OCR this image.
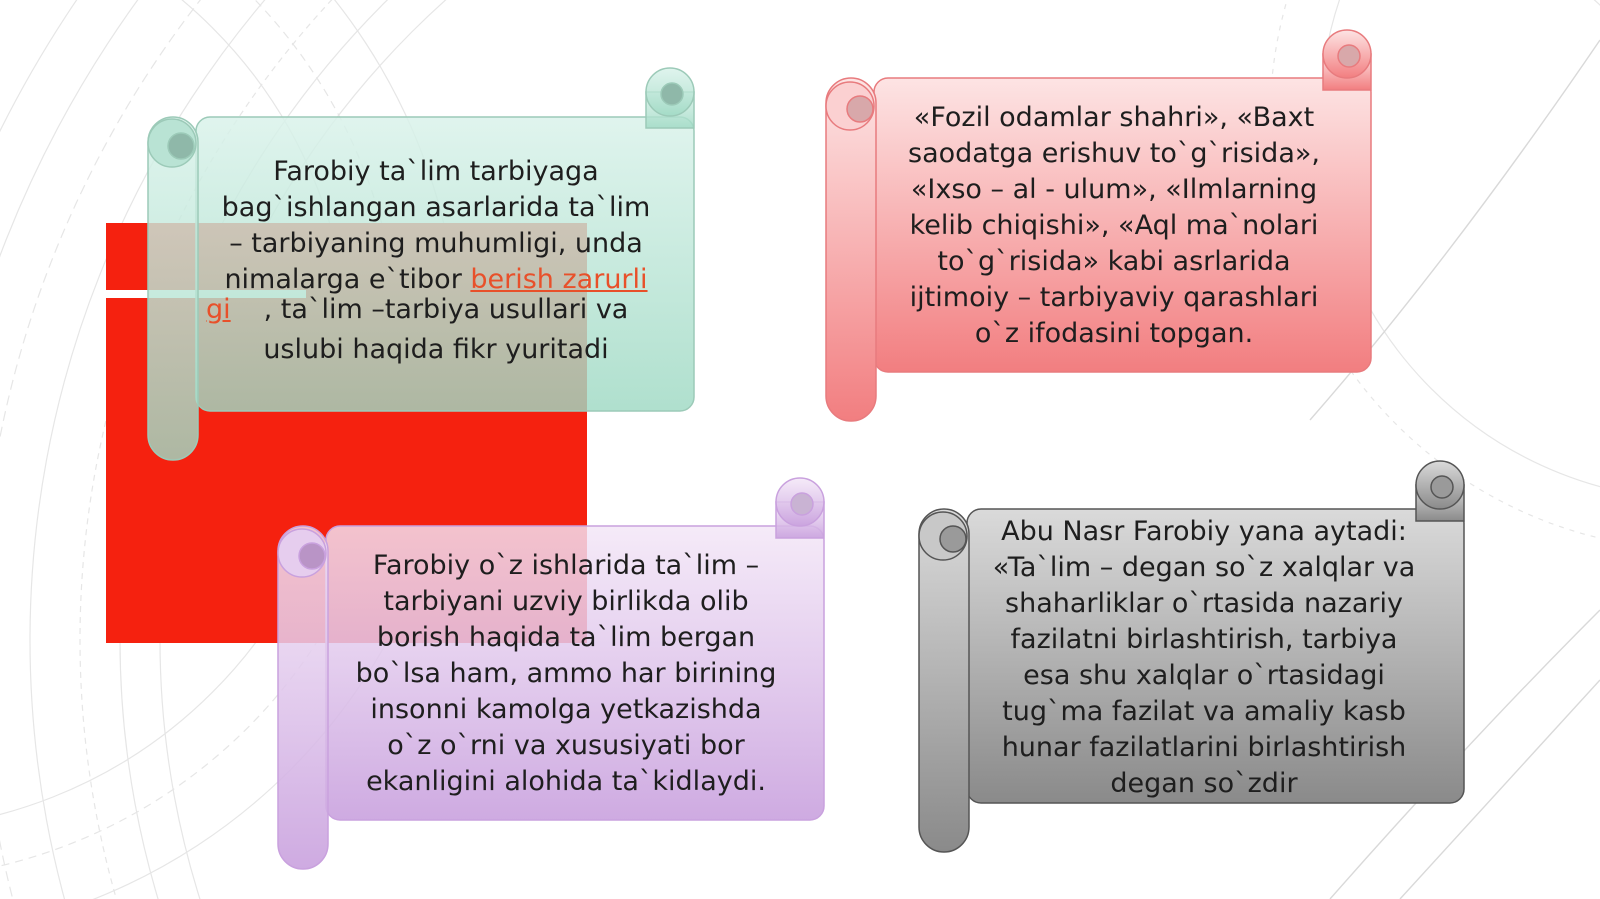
Farobiy ta`lim tarbiyaga
bag`ishlangan asarlarida ta`lim
– tarbiyaning muhumligi, unda
nimalarga e`tibor berish zarurli
gi , ta`lim –tarbiya usullari va
uslubi haqida fikr yuritadi
«Fozil odamlar shahri», «Baxt
saodatga erishuv to`g`risida»,
«Ixso – al - ulum», «Ilmlarning
kelib chiqishi», «Aql ma`nolari
to`g`risida» kabi asrlarida
ijtimoiy – tarbiyaviy qarashlari
o`z ifodasini topgan.
Farobiy o`z ishlarida ta`lim –
tarbiyani uzviy birlikda olib
borish haqida ta`lim bergan
bo`lsa ham, ammo har birining
insonni kamolga yetkazishda
o`z o`rni va xususiyati bor
ekanligini alohida ta`kidlaydi.
Abu Nasr Farobiy yana aytadi:
«Ta`lim – degan so`z xalqlar va
shaharliklar o`rtasida nazariy
fazilatni birlashtirish, tarbiya
esa shu xalqlar o`rtasidagi
tug`ma fazilat va amaliy kasb
hunar fazilatlarini birlashtirish
degan so`zdir
